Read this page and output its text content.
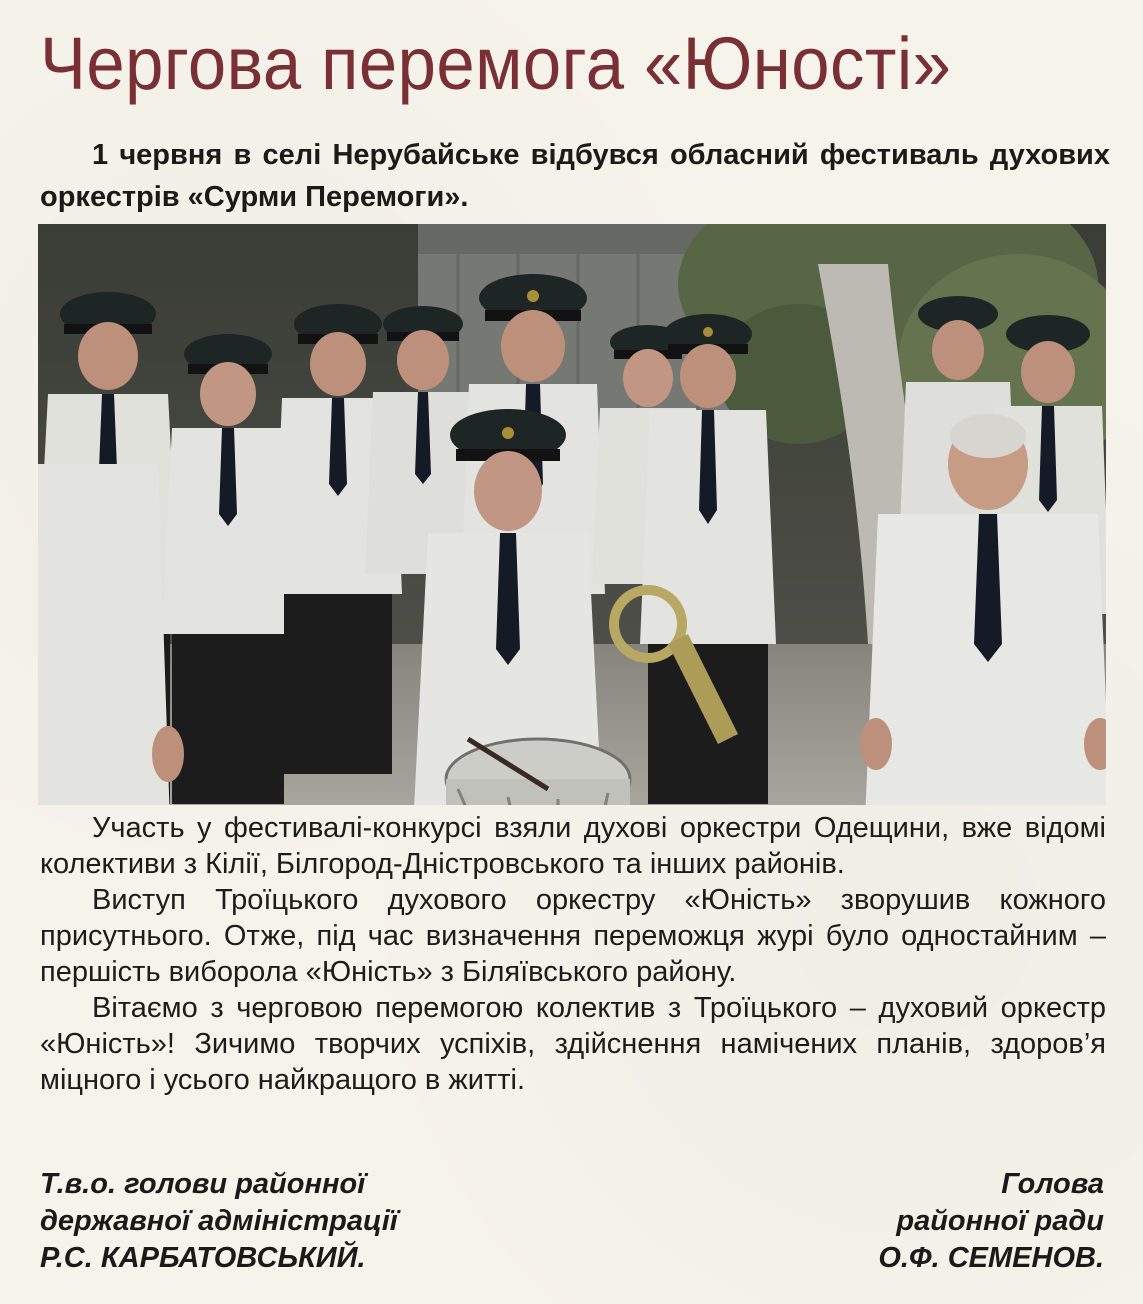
Чергова перемога «Юності»

1 червня в селі Нерубайське відбувся обласний фестиваль духових оркестрів «Сурми Перемоги».

Участь у фестивалі-конкурсі взяли духові оркестри Одещини, вже відомі колективи з Кілії, Білгород-Дністровського та інших районів.

Виступ Троїцького духового оркестру «Юність» зворушив кожного присутнього. Отже, під час визначення переможця журі було одностайним – першість виборола «Юність» з Біляївського району.

Вітаємо з черговою перемогою колектив з Троїцького – духовий оркестр «Юність»! Зичимо творчих успіхів, здійснення намічених планів, здоров’я міцного і усього найкращого в житті.

Т.в.о. голови районної
державної адміністрації
Р.С. КАРБАТОВСЬКИЙ.
Голова
районної ради
О.Ф. СЕМЕНОВ.
